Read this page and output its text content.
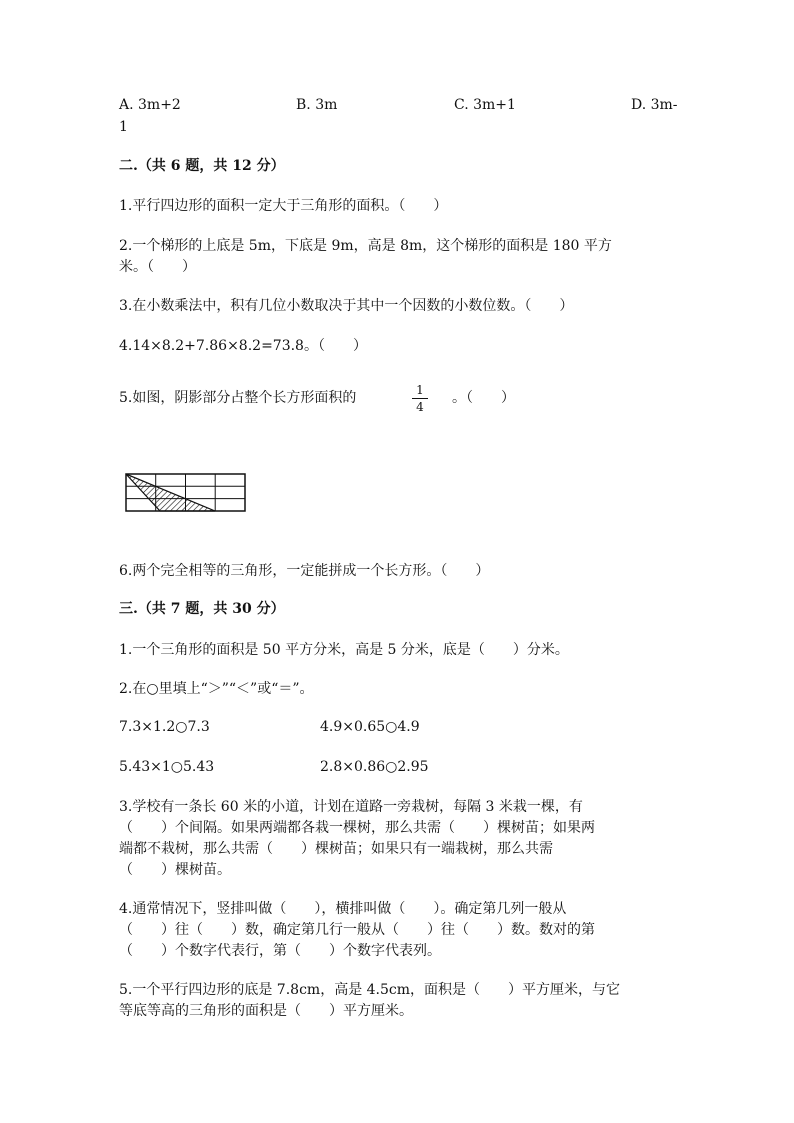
A. 3m+2	B. 3m	C. 3m+1	D. 3m-
1
二.（共 6 题，共 12 分）
1.平行四边形的面积一定大于三角形的面积。（　　）
2.一个梯形的上底是 5m，下底是 9m，高是 8m，这个梯形的面积是 180 平方
米。（　　）
3.在小数乘法中，积有几位小数取决于其中一个因数的小数位数。（　　）
4.14×8.2+7.86×8.2=73.8。（　　）
5.如图，阴影部分占整个长方形面积的	1
4
。（　　）
6.两个完全相等的三角形，一定能拼成一个长方形。（　　）
三.（共 7 题，共 30 分）
1.一个三角形的面积是 50 平方分米，高是 5 分米，底是（　　）分米。
2.在○里填上“＞”“＜”或“＝”。
7.3×1.2○7.3	4.9×0.65○4.9
5.43×1○5.43	2.8×0.86○2.95
3.学校有一条长 60 米的小道，计划在道路一旁栽树，每隔 3 米栽一棵，有
（　　）个间隔。如果两端都各栽一棵树，那么共需（　　）棵树苗；如果两
端都不栽树，那么共需（　　）棵树苗；如果只有一端栽树，那么共需
（　　）棵树苗。
4.通常情况下，竖排叫做（　　），横排叫做（　　）。确定第几列一般从
（　　）往（　　）数，确定第几行一般从（　　）往（　　）数。数对的第
（　　）个数字代表行，第（　　）个数字代表列。
5.一个平行四边形的底是 7.8cm，高是 4.5cm，面积是（　　）平方厘米，与它
等底等高的三角形的面积是（　　）平方厘米。
